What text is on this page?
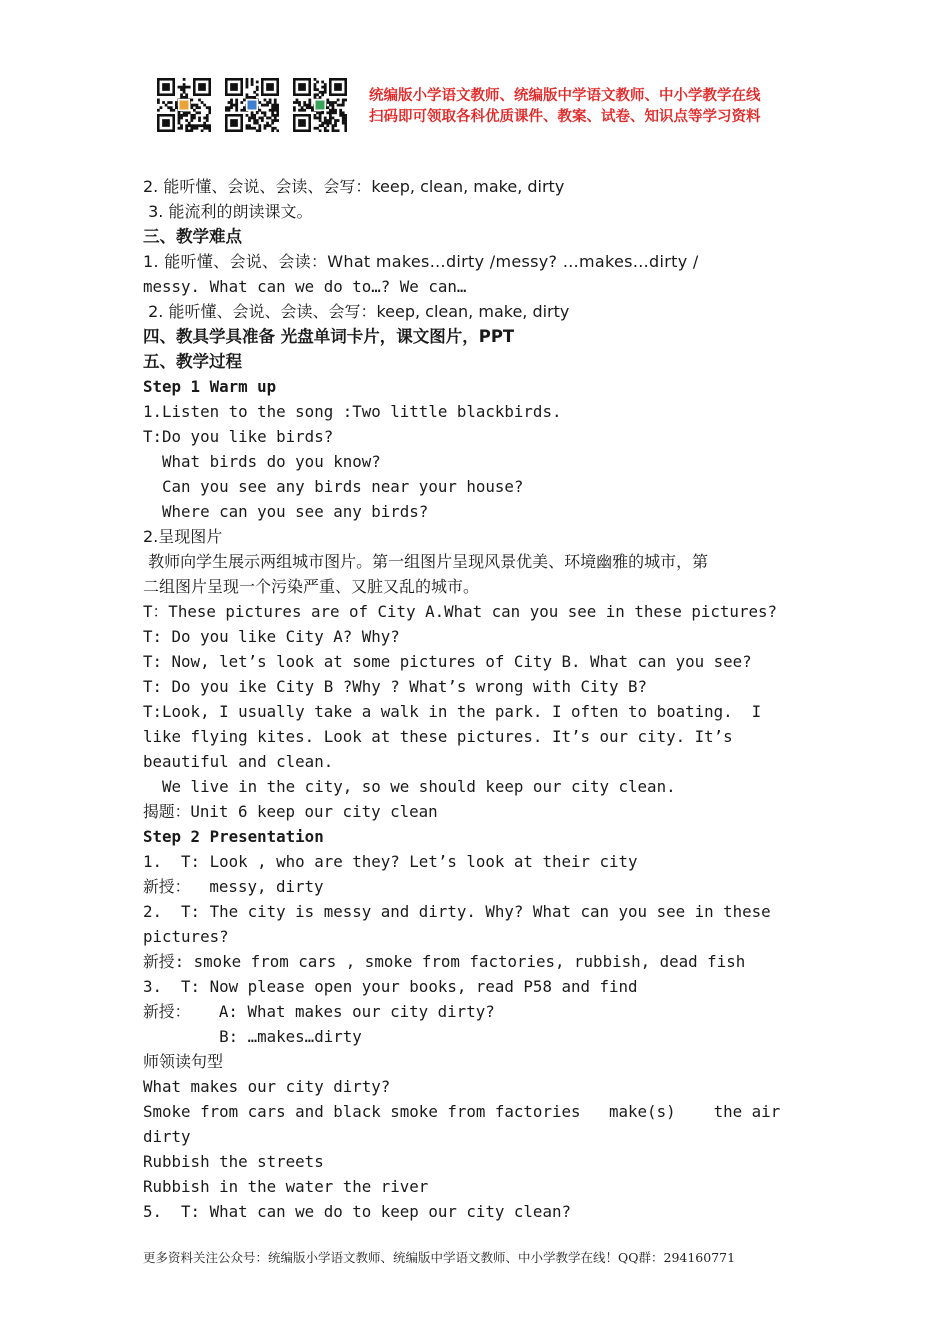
统编版小学语文教师、统编版中学语文教师、中小学教学在线
扫码即可领取各科优质课件、教案、试卷、知识点等学习资料
2. 能听懂、会说、会读、会写：keep, clean, make, dirty
3. 能流利的朗读课文。
三、教学难点
1. 能听懂、会说、会读：What makes…dirty /messy? …makes…dirty /
messy. What can we do to…? We can…
2. 能听懂、会说、会读、会写：keep, clean, make, dirty
四、教具学具准备 光盘单词卡片，课文图片，PPT
五、教学过程
Step 1 Warm up
1.Listen to the song :Two little blackbirds.
T:Do you like birds?
What birds do you know?
Can you see any birds near your house?
Where can you see any birds?
2.呈现图片
教师向学生展示两组城市图片。第一组图片呈现风景优美、环境幽雅的城市，第
二组图片呈现一个污染严重、又脏又乱的城市。
T：These pictures are of City A.What can you see in these pictures?
T: Do you like City A? Why?
T: Now, let’s look at some pictures of City B. What can you see?
T: Do you ike City B ?Why ? What’s wrong with City B?
T:Look, I usually take a walk in the park. I often to boating.  I
like flying kites. Look at these pictures. It’s our city. It’s
beautiful and clean.
We live in the city, so we should keep our city clean.
揭题：Unit 6 keep our city clean
Step 2 Presentation
1.  T: Look , who are they? Let’s look at their city
新授：  messy, dirty
2.  T: The city is messy and dirty. Why? What can you see in these
pictures?
新授: smoke from cars , smoke from factories, rubbish, dead fish
3.  T: Now please open your books, read P58 and find
新授：   A: What makes our city dirty?
B: …makes…dirty
师领读句型
What makes our city dirty?
Smoke from cars and black smoke from factories   make(s)    the air
dirty
Rubbish the streets
Rubbish in the water the river
5.  T: What can we do to keep our city clean?
更多资料关注公众号：统编版小学语文教师、统编版中学语文教师、中小学教学在线！QQ群：294160771
